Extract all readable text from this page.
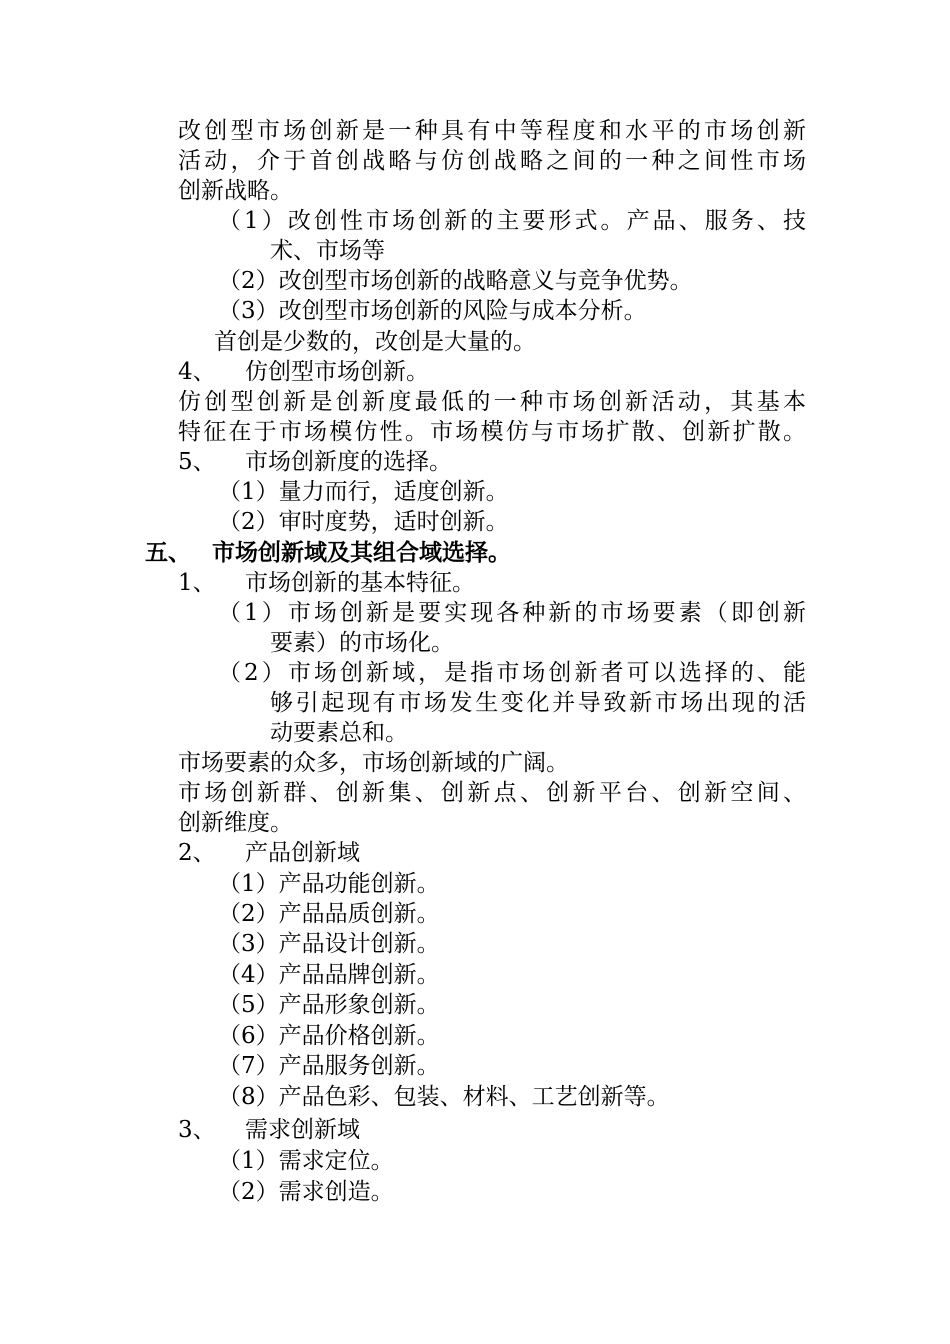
改创型市场创新是一种具有中等程度和水平的市场创新
活动，介于首创战略与仿创战略之间的一种之间性市场
创新战略。
（1）改创性市场创新的主要形式。产品、服务、技
术、市场等
（2）改创型市场创新的战略意义与竞争优势。
（3）改创型市场创新的风险与成本分析。
首创是少数的，改创是大量的。
4、 仿创型市场创新。
仿创型创新是创新度最低的一种市场创新活动，其基本
特征在于市场模仿性。市场模仿与市场扩散、创新扩散。
5、 市场创新度的选择。
（1）量力而行，适度创新。
（2）审时度势，适时创新。
五、 市场创新域及其组合域选择。
1、 市场创新的基本特征。
（1）市场创新是要实现各种新的市场要素（即创新
要素）的市场化。
（2）市场创新域，是指市场创新者可以选择的、能
够引起现有市场发生变化并导致新市场出现的活
动要素总和。
市场要素的众多，市场创新域的广阔。
市场创新群、创新集、创新点、创新平台、创新空间、
创新维度。
2、 产品创新域
（1）产品功能创新。
（2）产品品质创新。
（3）产品设计创新。
（4）产品品牌创新。
（5）产品形象创新。
（6）产品价格创新。
（7）产品服务创新。
（8）产品色彩、包装、材料、工艺创新等。
3、 需求创新域
（1）需求定位。
（2）需求创造。
